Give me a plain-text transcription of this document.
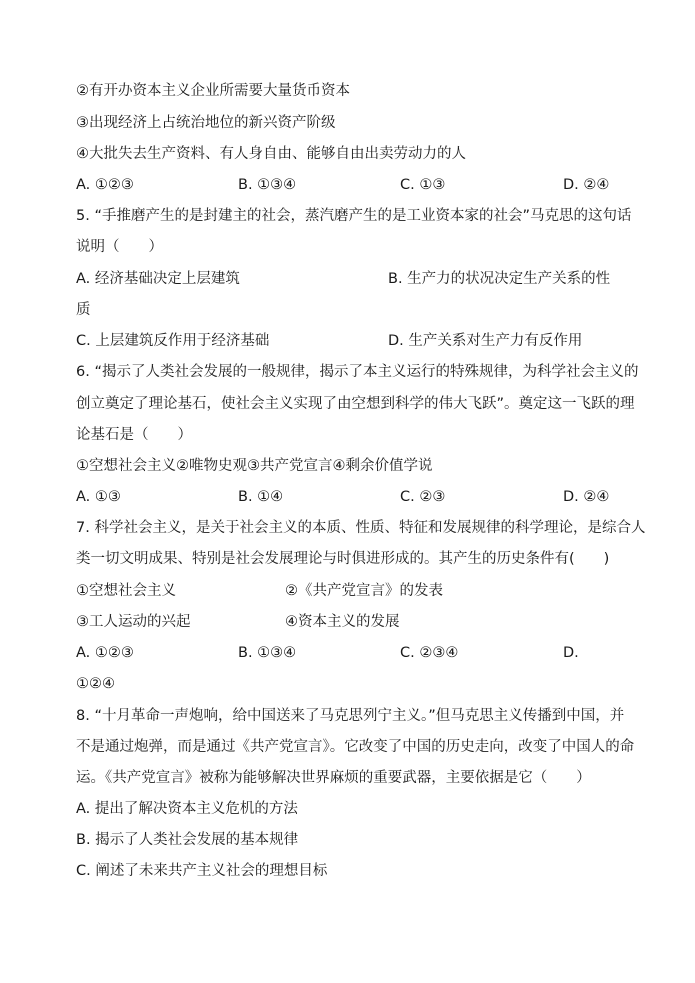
②有开办资本主义企业所需要大量货币资本
③出现经济上占统治地位的新兴资产阶级
④大批失去生产资料、有人身自由、能够自由出卖劳动力的人
A. ①②③	B. ①③④	C. ①③	D. ②④
5. “手推磨产生的是封建主的社会，蒸汽磨产生的是工业资本家的社会”马克思的这句话
说明（　　）
A. 经济基础决定上层建筑	B. 生产力的状况决定生产关系的性
质
C. 上层建筑反作用于经济基础	D. 生产关系对生产力有反作用
6. “揭示了人类社会发展的一般规律，揭示了本主义运行的特殊规律，为科学社会主义的
创立奠定了理论基石，使社会主义实现了由空想到科学的伟大飞跃”。奠定这一飞跃的理
论基石是（　　）
①空想社会主义②唯物史观③共产党宣言④剩余价值学说
A. ①③	B. ①④	C. ②③	D. ②④
7. 科学社会主义，是关于社会主义的本质、性质、特征和发展规律的科学理论，是综合人
类一切文明成果、特别是社会发展理论与时俱进形成的。其产生的历史条件有(　　)
①空想社会主义	②《共产党宣言》的发表
③工人运动的兴起	④资本主义的发展
A. ①②③	B. ①③④	C. ②③④	D.
①②④
8. “十月革命一声炮响，给中国送来了马克思列宁主义。”但马克思主义传播到中国，并
不是通过炮弹，而是通过《共产党宣言》。它改变了中国的历史走向，改变了中国人的命
运。《共产党宣言》被称为能够解决世界麻烦的重要武器，主要依据是它（　　）
A. 提出了解决资本主义危机的方法
B. 揭示了人类社会发展的基本规律
C. 阐述了未来共产主义社会的理想目标
